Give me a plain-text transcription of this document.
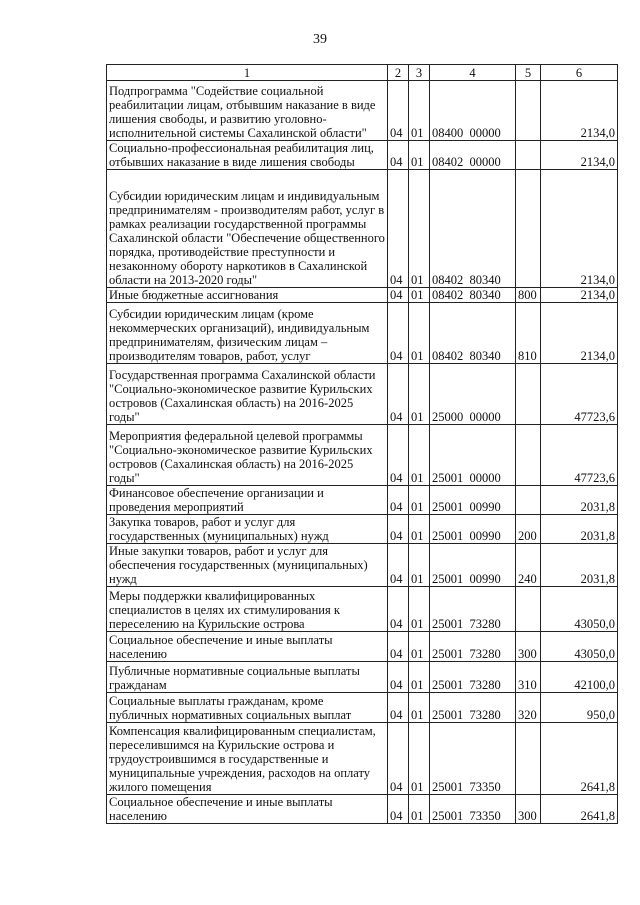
39
1	2	3	4	5	6
Подпрограмма "Содействие социальной реабилитации лицам, отбывшим наказание в виде лишения свободы, и развитию уголовно-исполнительной системы Сахалинской области"	04	01	08400  00000		2134,0
Социально-профессиональная реабилитация лиц, отбывших наказание в виде лишения свободы	04	01	08402  00000		2134,0
Субсидии юридическим лицам и индивидуальным предпринимателям - производителям работ, услуг в рамках реализации государственной программы Сахалинской области "Обеспечение общественного порядка, противодействие преступности и незаконному обороту наркотиков в Сахалинской области на 2013-2020 годы"	04	01	08402  80340		2134,0
Иные бюджетные ассигнования	04	01	08402  80340	800	2134,0
Субсидии юридическим лицам (кроме некоммерческих организаций), индивидуальным предпринимателям, физическим лицам – производителям товаров, работ, услуг	04	01	08402  80340	810	2134,0
Государственная программа Сахалинской области "Социально-экономическое развитие Курильских островов (Сахалинская область) на 2016-2025 годы"	04	01	25000  00000		47723,6
Мероприятия федеральной целевой программы "Социально-экономическое развитие Курильских островов (Сахалинская область) на 2016-2025 годы"	04	01	25001  00000		47723,6
Финансовое обеспечение организации и проведения мероприятий	04	01	25001  00990		2031,8
Закупка товаров, работ и услуг для государственных (муниципальных) нужд	04	01	25001  00990	200	2031,8
Иные закупки товаров, работ и услуг для обеспечения государственных (муниципальных) нужд	04	01	25001  00990	240	2031,8
Меры поддержки квалифицированных специалистов в целях их стимулирования к переселению на Курильские острова	04	01	25001  73280		43050,0
Социальное обеспечение и иные выплаты населению	04	01	25001  73280	300	43050,0
Публичные нормативные социальные выплаты гражданам	04	01	25001  73280	310	42100,0
Социальные выплаты гражданам, кроме публичных нормативных социальных выплат	04	01	25001  73280	320	950,0
Компенсация квалифицированным специалистам, переселившимся на Курильские острова и трудоустроившимся в государственные и муниципальные учреждения, расходов на оплату жилого помещения	04	01	25001  73350		2641,8
Социальное обеспечение и иные выплаты населению	04	01	25001  73350	300	2641,8
